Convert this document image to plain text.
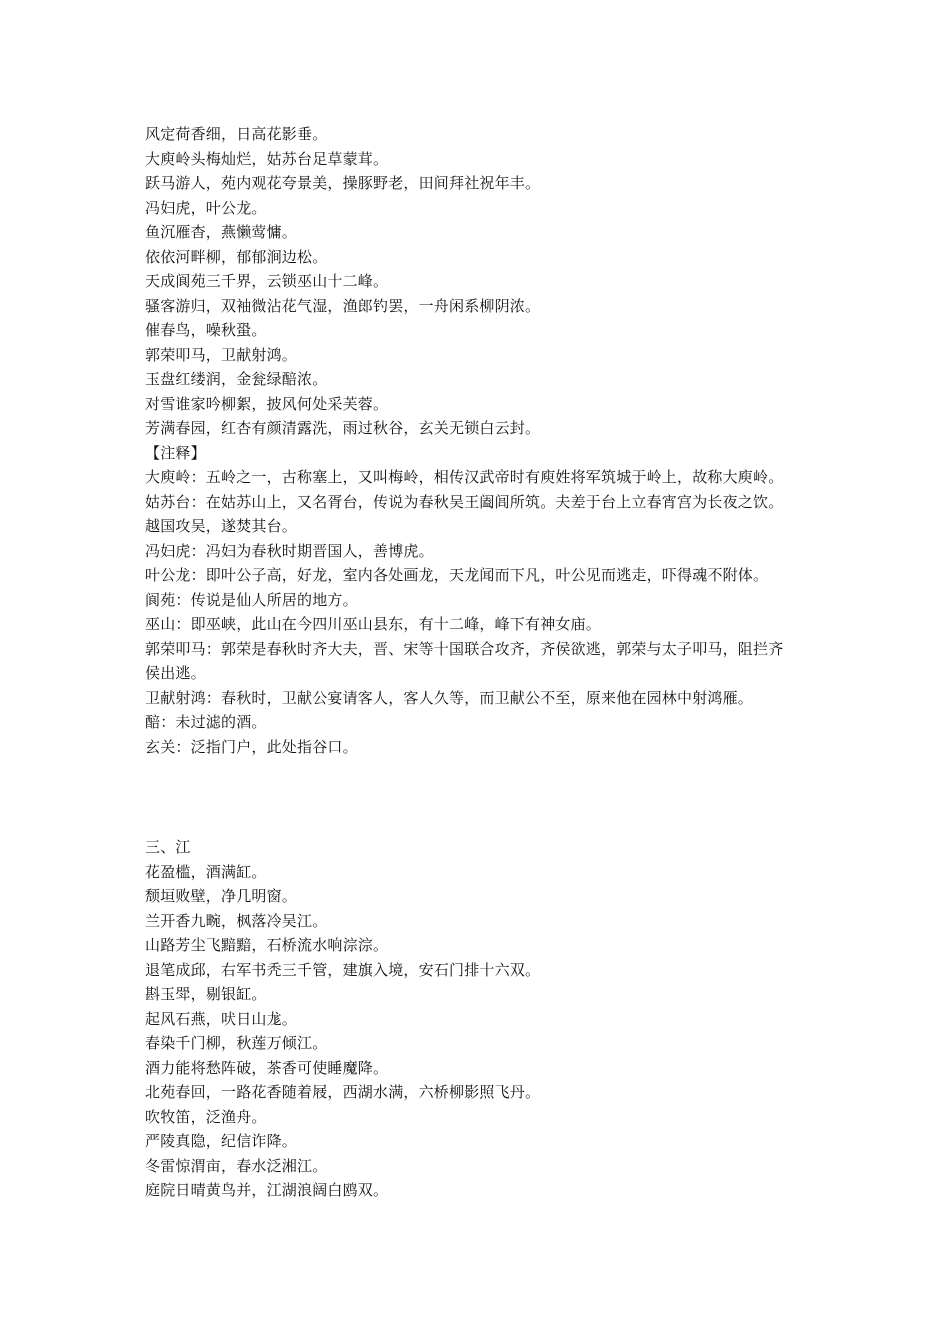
风定荷香细，日高花影垂。
大庾岭头梅灿烂，姑苏台足草蒙茸。
跃马游人，苑内观花夸景美，操豚野老，田间拜社祝年丰。
冯妇虎，叶公龙。
鱼沉雁杳，燕懒莺慵。
依依河畔柳，郁郁涧边松。
天成阆苑三千界，云锁巫山十二峰。
骚客游归，双袖微沾花气湿，渔郎钓罢，一舟闲系柳阴浓。
催春鸟，噪秋蛩。
郭荣叩马，卫献射鸿。
玉盘红缕润，金瓮绿醅浓。
对雪谁家吟柳絮，披风何处采芙蓉。
芳满春园，红杏有颜清露洗，雨过秋谷，玄关无锁白云封。
【注释】
大庾岭：五岭之一，古称塞上，又叫梅岭，相传汉武帝时有庾姓将军筑城于岭上，故称大庾岭。
姑苏台：在姑苏山上，又名胥台，传说为春秋吴王阖闾所筑。夫差于台上立春宵宫为长夜之饮。
越国攻吴，遂焚其台。
冯妇虎：冯妇为春秋时期晋国人，善博虎。
叶公龙：即叶公子高，好龙，室内各处画龙，天龙闻而下凡，叶公见而逃走，吓得魂不附体。
阆苑：传说是仙人所居的地方。
巫山：即巫峡，此山在今四川巫山县东，有十二峰，峰下有神女庙。
郭荣叩马：郭荣是春秋时齐大夫，晋、宋等十国联合攻齐，齐侯欲逃，郭荣与太子叩马，阻拦齐
侯出逃。
卫献射鸿：春秋时，卫献公宴请客人，客人久等，而卫献公不至，原来他在园林中射鸿雁。
醅：未过滤的酒。
玄关：泛指门户，此处指谷口。
三、江
花盈槛，酒满缸。
颓垣败壁，净几明窗。
兰开香九畹，枫落冷吴江。
山路芳尘飞黯黯，石桥流水响淙淙。
退笔成邱，右军书秃三千管，建旗入境，安石门排十六双。
斟玉斝，剔银缸。
起风石燕，吠日山尨。
春染千门柳，秋莲万倾江。
酒力能将愁阵破，茶香可使睡魔降。
北苑春回，一路花香随着屐，西湖水满，六桥柳影照飞丹。
吹牧笛，泛渔舟。
严陵真隐，纪信诈降。
冬雷惊渭亩，春水泛湘江。
庭院日晴黄鸟并，江湖浪阔白鸥双。
